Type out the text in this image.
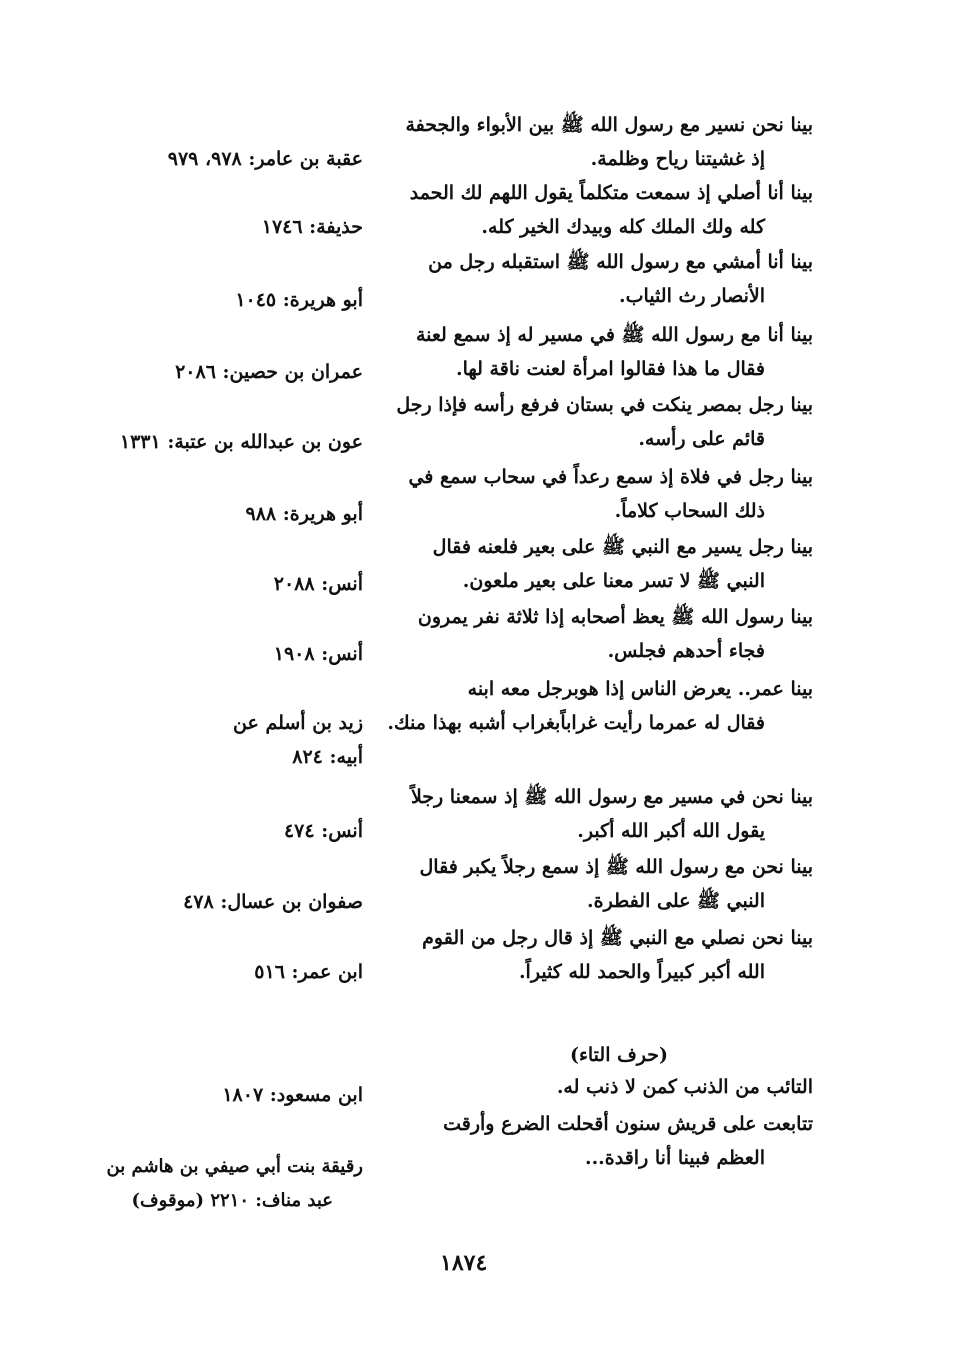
بينا نحن نسير مع رسول الله ﷺ بين الأبواء والجحفة
إذ غشيتنا رياح وظلمة.
عقبة بن عامر: ٩٧٨، ٩٧٩
بينا أنا أصلي إذ سمعت متكلماً يقول اللهم لك الحمد
كله ولك الملك كله وبيدك الخير كله.
حذيفة: ١٧٤٦
بينا أنا أمشي مع رسول الله ﷺ استقبله رجل من
الأنصار رث الثياب.
أبو هريرة: ١٠٤٥
بينا أنا مع رسول الله ﷺ في مسير له إذ سمع لعنة
فقال ما هذا فقالوا امرأة لعنت ناقة لها.
عمران بن حصين: ٢٠٨٦
بينا رجل بمصر ينكت في بستان فرفع رأسه فإذا رجل
قائم على رأسه.
عون بن عبدالله بن عتبة: ١٣٣١
بينا رجل في فلاة إذ سمع رعداً في سحاب سمع في
ذلك السحاب كلاماً.
أبو هريرة: ٩٨٨
بينا رجل يسير مع النبي ﷺ على بعير فلعنه فقال
النبي ﷺ لا تسر معنا على بعير ملعون.
أنس: ٢٠٨٨
بينا رسول الله ﷺ يعظ أصحابه إذا ثلاثة نفر يمرون
فجاء أحدهم فجلس.
أنس: ١٩٠٨
بينا عمر.. يعرض الناس إذا هوبرجل معه ابنه
فقال له عمرما رأيت غراباًبغراب أشبه بهذا منك.
زيد بن أسلم عن
أبيه: ٨٢٤
بينا نحن في مسير مع رسول الله ﷺ إذ سمعنا رجلاً
يقول الله أكبر الله أكبر.
أنس: ٤٧٤
بينا نحن مع رسول الله ﷺ إذ سمع رجلاً يكبر فقال
النبي ﷺ على الفطرة.
صفوان بن عسال: ٤٧٨
بينا نحن نصلي مع النبي ﷺ إذ قال رجل من القوم
الله أكبر كبيراً والحمد لله كثيراً.
ابن عمر: ٥١٦
(حرف التاء)
التائب من الذنب كمن لا ذنب له.
ابن مسعود: ١٨٠٧
تتابعت على قريش سنون أقحلت الضرع وأرقت
العظم فبينا أنا راقدة...
رقيقة بنت أبي صيفي بن هاشم بن
عبد مناف: ٢٢١٠ (موقوف)
١٨٧٤
